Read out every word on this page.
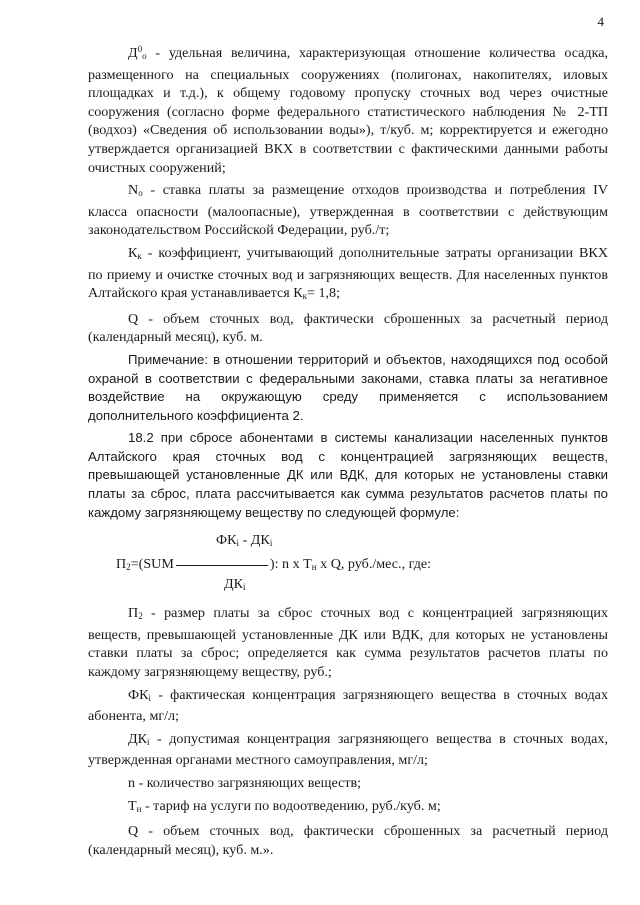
4

$Д^0_о$ - удельная величина, характеризующая отношение количества осадка, размещенного на специальных сооружениях (полигонах, накопителях, иловых площадках и т.д.), к общему годовому пропуску сточных вод через очистные сооружения (согласно форме федерального статистического наблюдения № 2-ТП (водхоз) «Сведения об использовании воды»), т/куб. м; корректируется и ежегодно утверждается организацией ВКХ в соответствии с фактическими данными работы очистных сооружений;

$N_о$ - ставка платы за размещение отходов производства и потребления IV класса опасности (малоопасные), утвержденная в соответствии с действующим законодательством Российской Федерации, руб./т;

$К_к$ - коэффициент, учитывающий дополнительные затраты организации ВКХ по приему и очистке сточных вод и загрязняющих веществ. Для населенных пунктов Алтайского края устанавливается $К_к= 1,8$;

Q - объем сточных вод, фактически сброшенных за расчетный период (календарный месяц), куб. м.

Примечание: в отношении территорий и объектов, находящихся под особой охраной в соответствии с федеральными законами, ставка платы за негативное воздействие на окружающую среду применяется с использованием дополнительного коэффициента 2.

18.2 при сбросе абонентами в системы канализации населенных пунктов Алтайского края сточных вод с концентрацией загрязняющих веществ, превышающей установленные ДК или ВДК, для которых не установлены ставки платы за сброс, плата рассчитывается как сумма результатов расчетов платы по каждому загрязняющему веществу по следующей формуле:

$ФК_i - ДК_i$
$П_2=(SUM$	): n x $Т_н$ x Q, руб./мес., где:
$ДК_i$

$П_2$ - размер платы за сброс сточных вод с концентрацией загрязняющих веществ, превышающей установленные ДК или ВДК, для которых не установлены ставки платы за сброс; определяется как сумма результатов расчетов платы по каждому загрязняющему веществу, руб.;

$ФК_i$ - фактическая концентрация загрязняющего вещества в сточных водах абонента, мг/л;

$ДК_i$ - допустимая концентрация загрязняющего вещества в сточных водах, утвержденная органами местного самоуправления, мг/л;

n - количество загрязняющих веществ;

$Т_н$ - тариф на услуги по водоотведению, руб./куб. м;

Q - объем сточных вод, фактически сброшенных за расчетный период (календарный месяц), куб. м.».
